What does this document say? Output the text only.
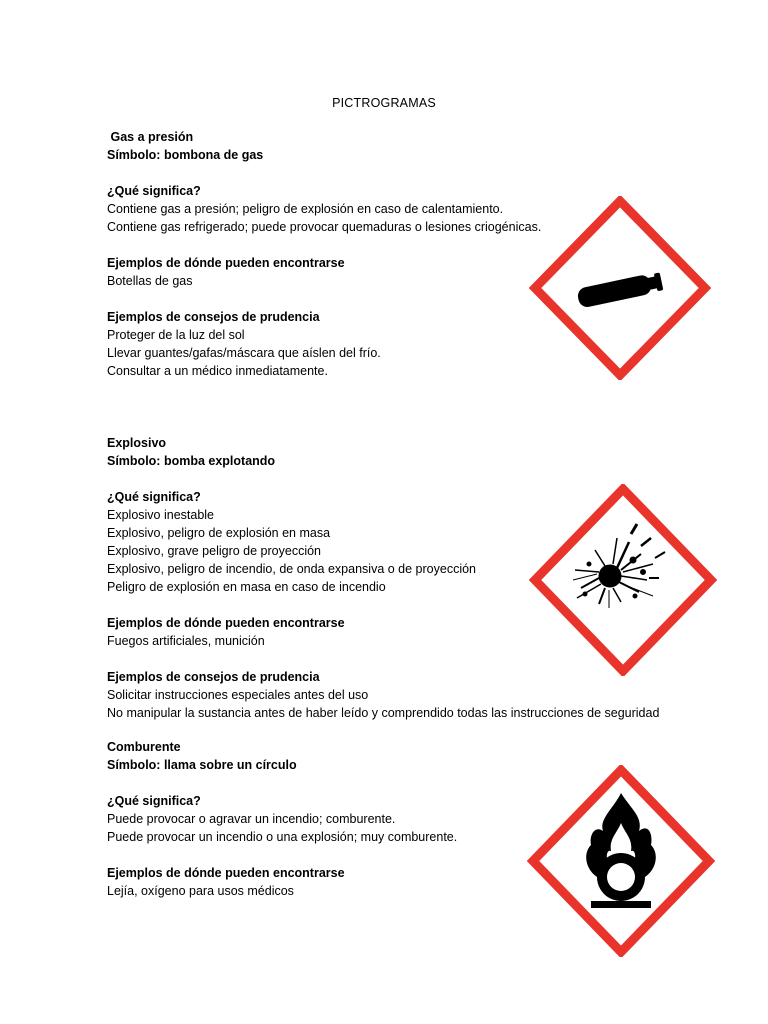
PICTROGRAMAS
Gas a presión
Símbolo: bombona de gas
¿Qué significa?
Contiene gas a presión; peligro de explosión en caso de calentamiento.
Contiene gas refrigerado; puede provocar quemaduras o lesiones criogénicas.
Ejemplos de dónde pueden encontrarse
Botellas de gas
Ejemplos de consejos de prudencia
Proteger de la luz del sol
Llevar guantes/gafas/máscara que aíslen del frío.
Consultar a un médico inmediatamente.
Explosivo
Símbolo: bomba explotando
¿Qué significa?
Explosivo inestable
Explosivo, peligro de explosión en masa
Explosivo, grave peligro de proyección
Explosivo, peligro de incendio, de onda expansiva o de proyección
Peligro de explosión en masa en caso de incendio
Ejemplos de dónde pueden encontrarse
Fuegos artificiales, munición
Ejemplos de consejos de prudencia
Solicitar instrucciones especiales antes del uso
No manipular la sustancia antes de haber leído y comprendido todas las instrucciones de seguridad
Comburente
Símbolo: llama sobre un círculo
¿Qué significa?
Puede provocar o agravar un incendio; comburente.
Puede provocar un incendio o una explosión; muy comburente.
Ejemplos de dónde pueden encontrarse
Lejía, oxígeno para usos médicos
